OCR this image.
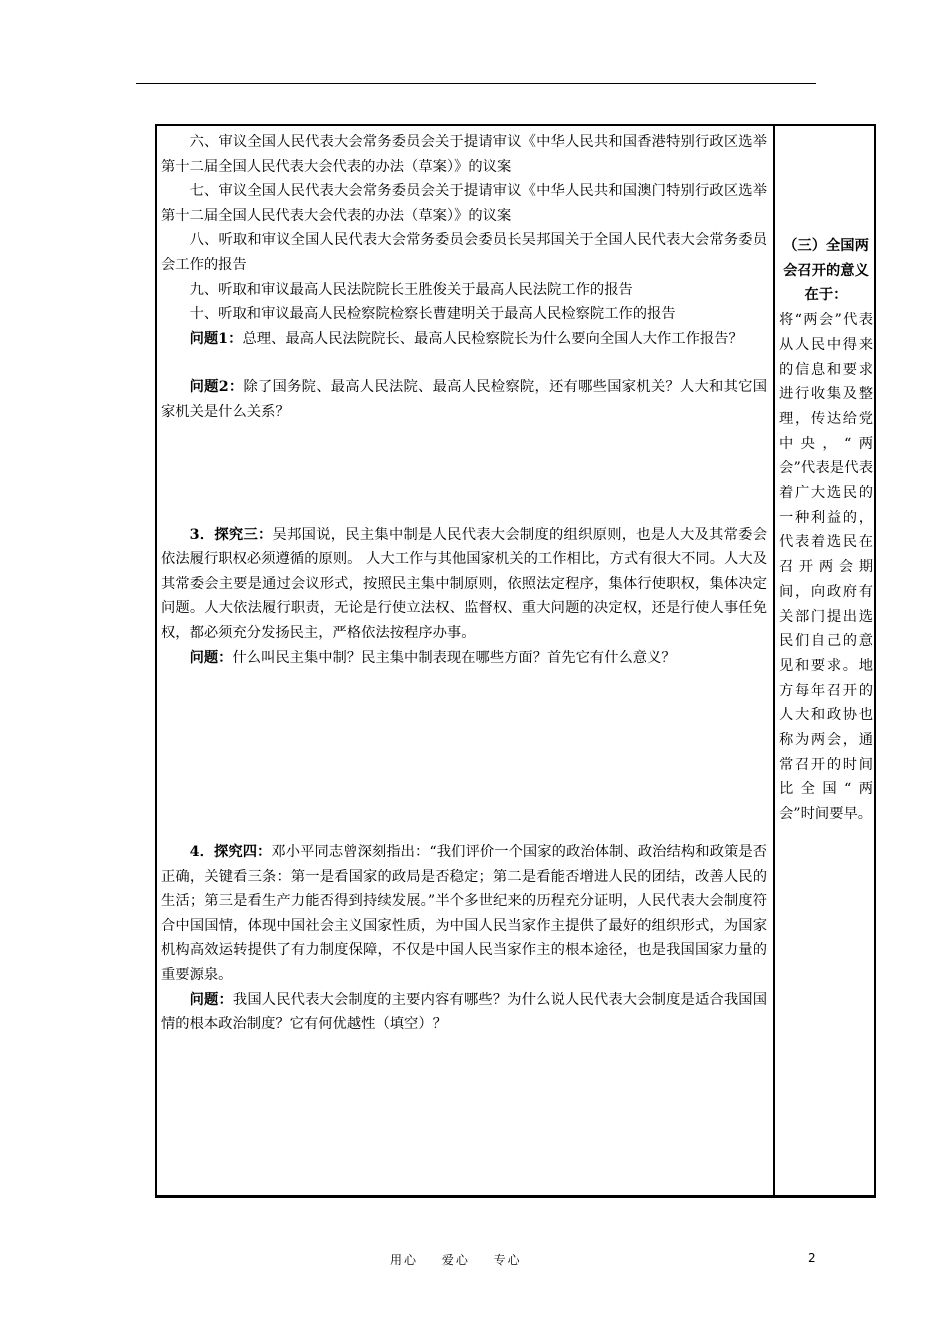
六、审议全国人民代表大会常务委员会关于提请审议《中华人民共和国香港特别行政区选举第十二届全国人民代表大会代表的办法（草案）》的议案

七、审议全国人民代表大会常务委员会关于提请审议《中华人民共和国澳门特别行政区选举第十二届全国人民代表大会代表的办法（草案）》的议案

八、听取和审议全国人民代表大会常务委员会委员长吴邦国关于全国人民代表大会常务委员会工作的报告

九、听取和审议最高人民法院院长王胜俊关于最高人民法院工作的报告

十、听取和审议最高人民检察院检察长曹建明关于最高人民检察院工作的报告

问题1：总理、最高人民法院院长、最高人民检察院长为什么要向全国人大作工作报告？

问题2：除了国务院、最高人民法院、最高人民检察院，还有哪些国家机关？人大和其它国家机关是什么关系？

3．探究三：吴邦国说，民主集中制是人民代表大会制度的组织原则，也是人大及其常委会依法履行职权必须遵循的原则。 人大工作与其他国家机关的工作相比，方式有很大不同。人大及其常委会主要是通过会议形式，按照民主集中制原则，依照法定程序，集体行使职权，集体决定问题。人大依法履行职责，无论是行使立法权、监督权、重大问题的决定权，还是行使人事任免权，都必须充分发扬民主，严格依法按程序办事。

问题：什么叫民主集中制？民主集中制表现在哪些方面？首先它有什么意义？

4．探究四：邓小平同志曾深刻指出：“我们评价一个国家的政治体制、政治结构和政策是否正确，关键看三条：第一是看国家的政局是否稳定；第二是看能否增进人民的团结，改善人民的生活；第三是看生产力能否得到持续发展。”半个多世纪来的历程充分证明，人民代表大会制度符合中国国情，体现中国社会主义国家性质，为中国人民当家作主提供了最好的组织形式，为国家机构高效运转提供了有力制度保障，不仅是中国人民当家作主的根本途径，也是我国国家力量的重要源泉。

问题：我国人民代表大会制度的主要内容有哪些？为什么说人民代表大会制度是适合我国国情的根本政治制度？它有何优越性（填空）？

（三）全国两会召开的意义在于：
将“两会”代表从人民中得来的信息和要求进行收集及整理，传达给党中央，“两会”代表是代表着广大选民的一种利益的，代表着选民在召开两会期间，向政府有关部门提出选民们自己的意见和要求。地方每年召开的人大和政协也称为两会，通常召开的时间比全国“两会”时间要早。
用心 爱心 专心	2
